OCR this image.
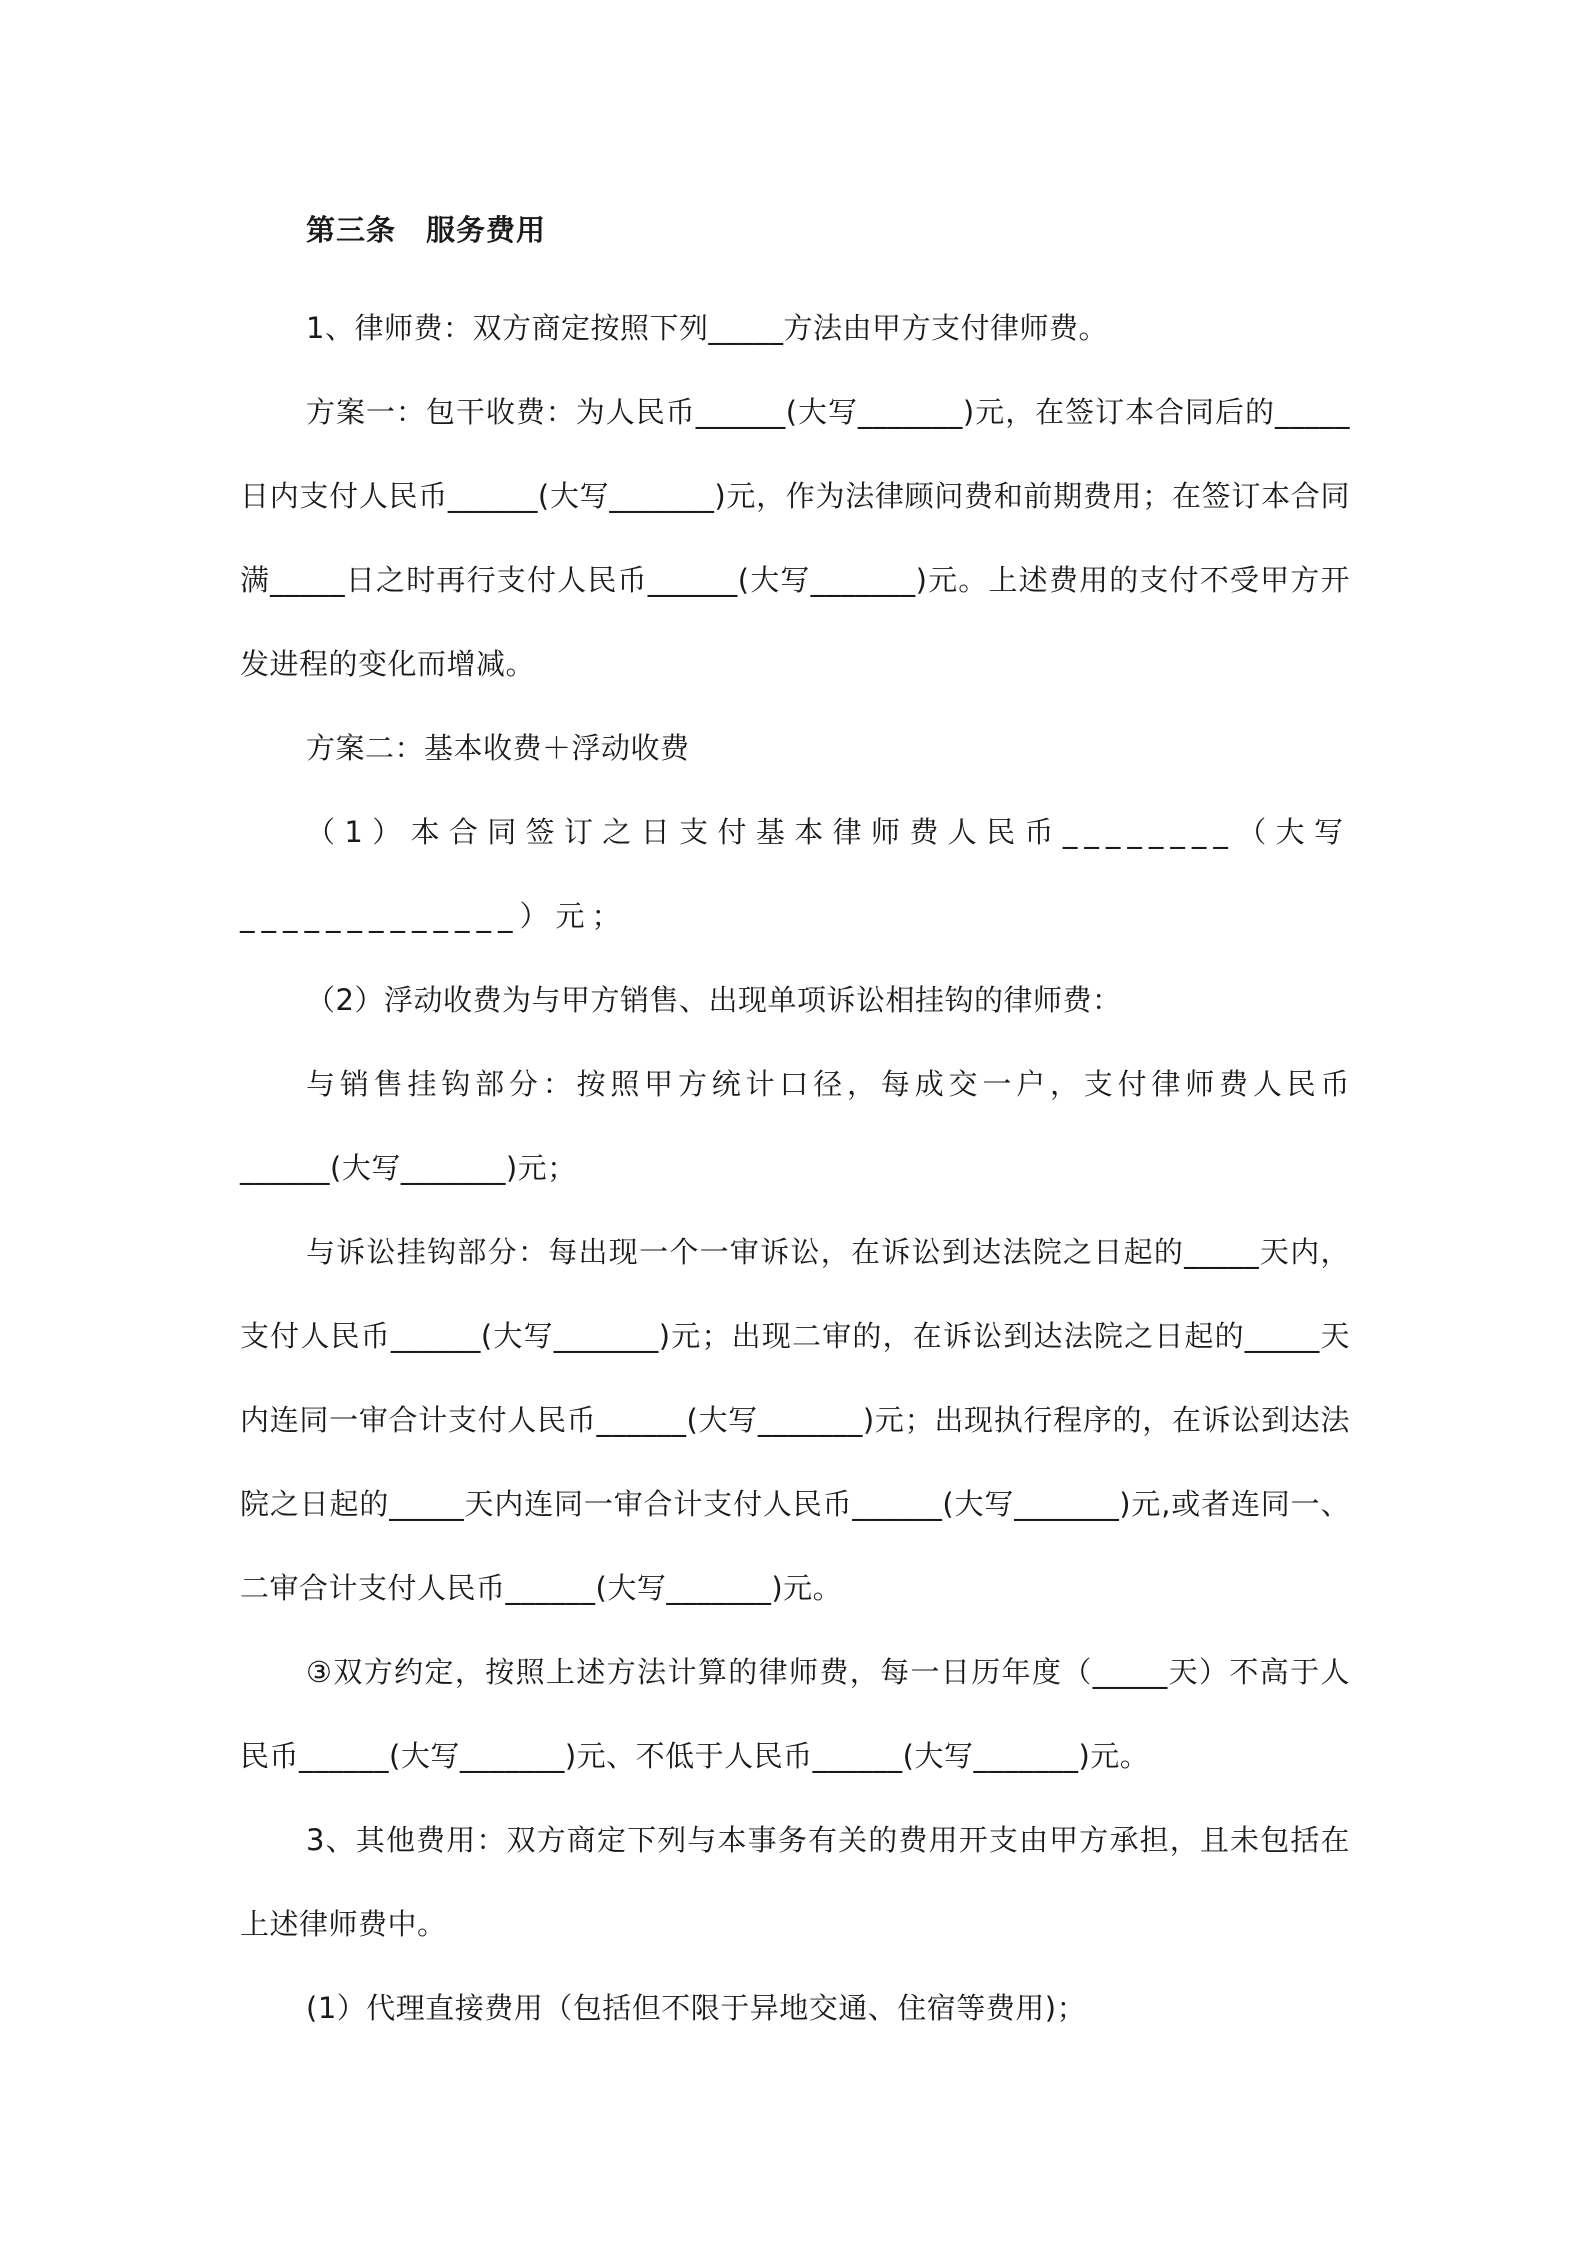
第三条　服务费用

1、律师费：双方商定按照下列_____方法由甲方支付律师费。

方案一：包干收费：为人民币______(大写_______)元，在签订本合同后的_____日内支付人民币______(大写_______)元，作为法律顾问费和前期费用；在签订本合同满_____日之时再行支付人民币______(大写_______)元。上述费用的支付不受甲方开发进程的变化而增减。

方案二：基本收费＋浮动收费

（1）本合同签订之日支付基本律师费人民币________（大写_____________）元；

（2）浮动收费为与甲方销售、出现单项诉讼相挂钩的律师费：

与销售挂钩部分：按照甲方统计口径，每成交一户，支付律师费人民币______(大写_______)元；

与诉讼挂钩部分：每出现一个一审诉讼，在诉讼到达法院之日起的_____天内，支付人民币______(大写_______)元；出现二审的，在诉讼到达法院之日起的_____天内连同一审合计支付人民币______(大写_______)元；出现执行程序的，在诉讼到达法院之日起的_____天内连同一审合计支付人民币______(大写_______)元,或者连同一、二审合计支付人民币______(大写_______)元。

③双方约定，按照上述方法计算的律师费，每一日历年度（_____天）不高于人民币______(大写_______)元、不低于人民币______(大写_______)元。

3、其他费用：双方商定下列与本事务有关的费用开支由甲方承担，且未包括在上述律师费中。

(1）代理直接费用（包括但不限于异地交通、住宿等费用)；
